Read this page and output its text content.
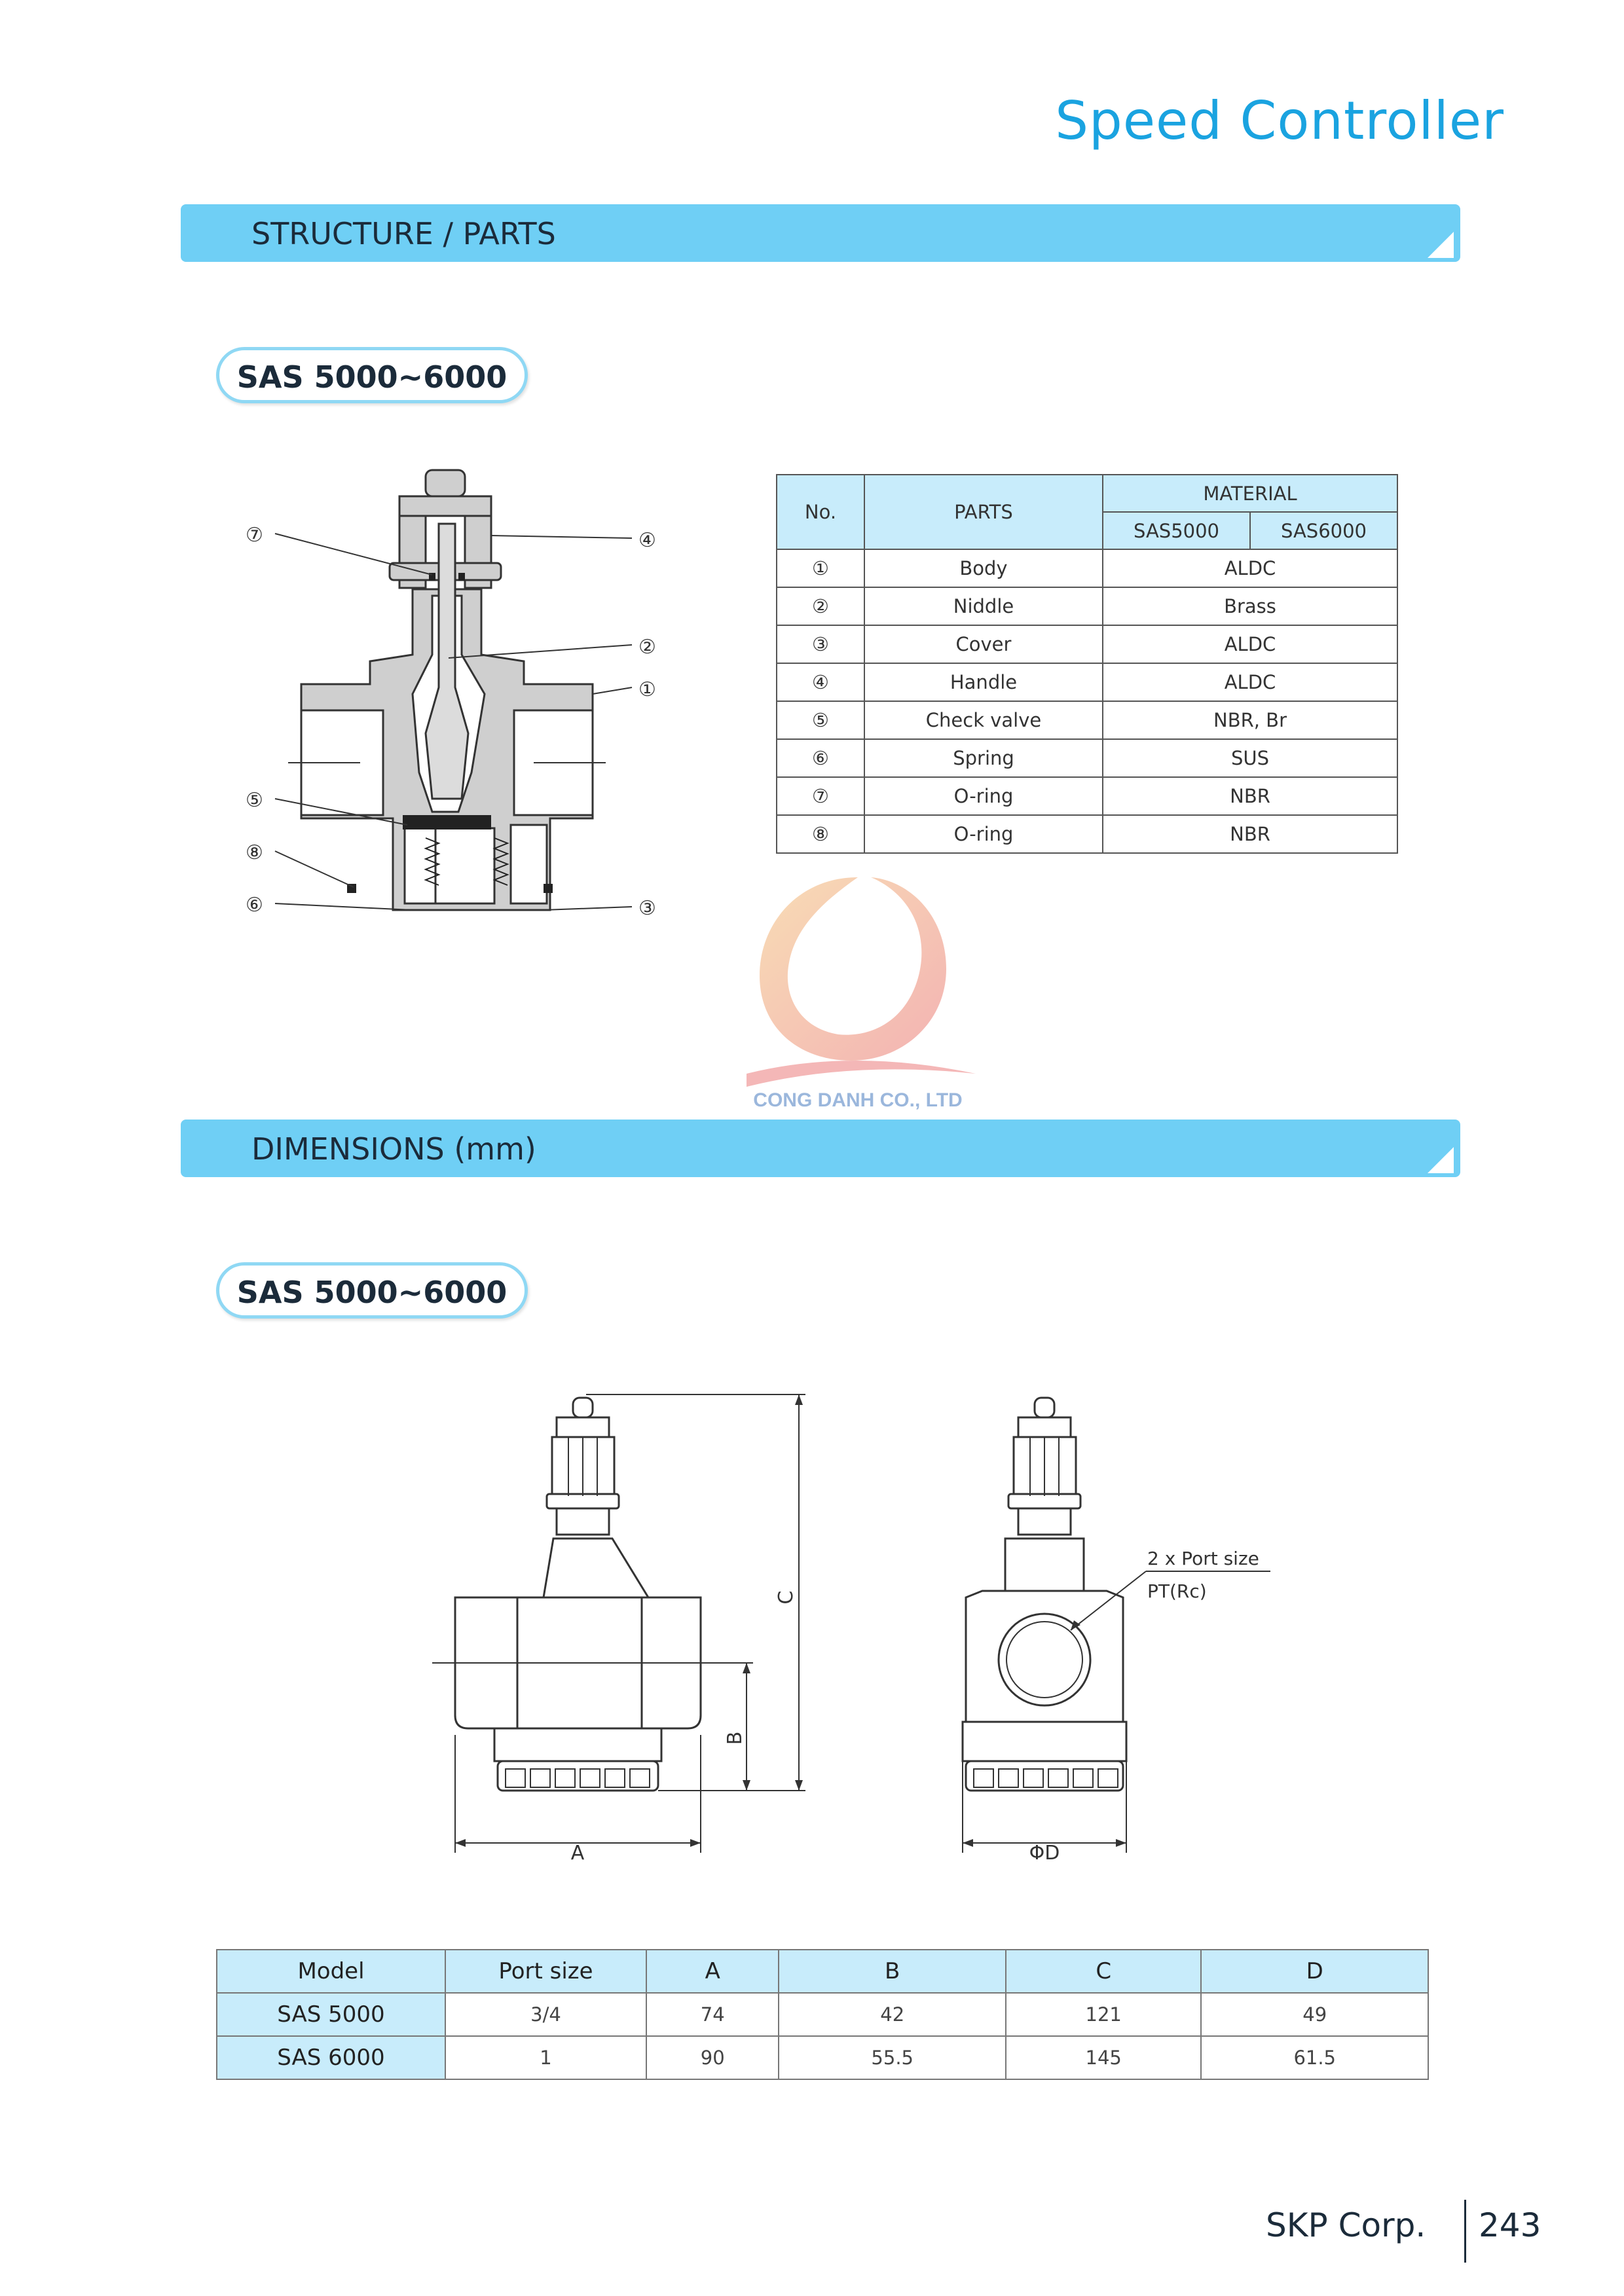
Speed Controller
STRUCTURE / PARTS
SAS 5000~6000
⑦	④
②
①
⑤
⑧
⑥	③
No.	PARTS	MATERIAL	
		SAS5000	SAS6000
①	Body	ALDC	
②	Niddle	Brass	
③	Cover	ALDC	
④	Handle	ALDC	
⑤	Check valve	NBR, Br	
⑥	Spring	SUS	
⑦	O-ring	NBR	
⑧	O-ring	NBR	
CONG DANH CO., LTD
DIMENSIONS (mm)
SAS 5000~6000
A
B
C
ΦD
2 x Port size
PT(Rc)
Model	Port size	A	B	C	D
SAS 5000	3/4	74	42	121	49
SAS 6000	1	90	55.5	145	61.5
SKP Corp. 243
